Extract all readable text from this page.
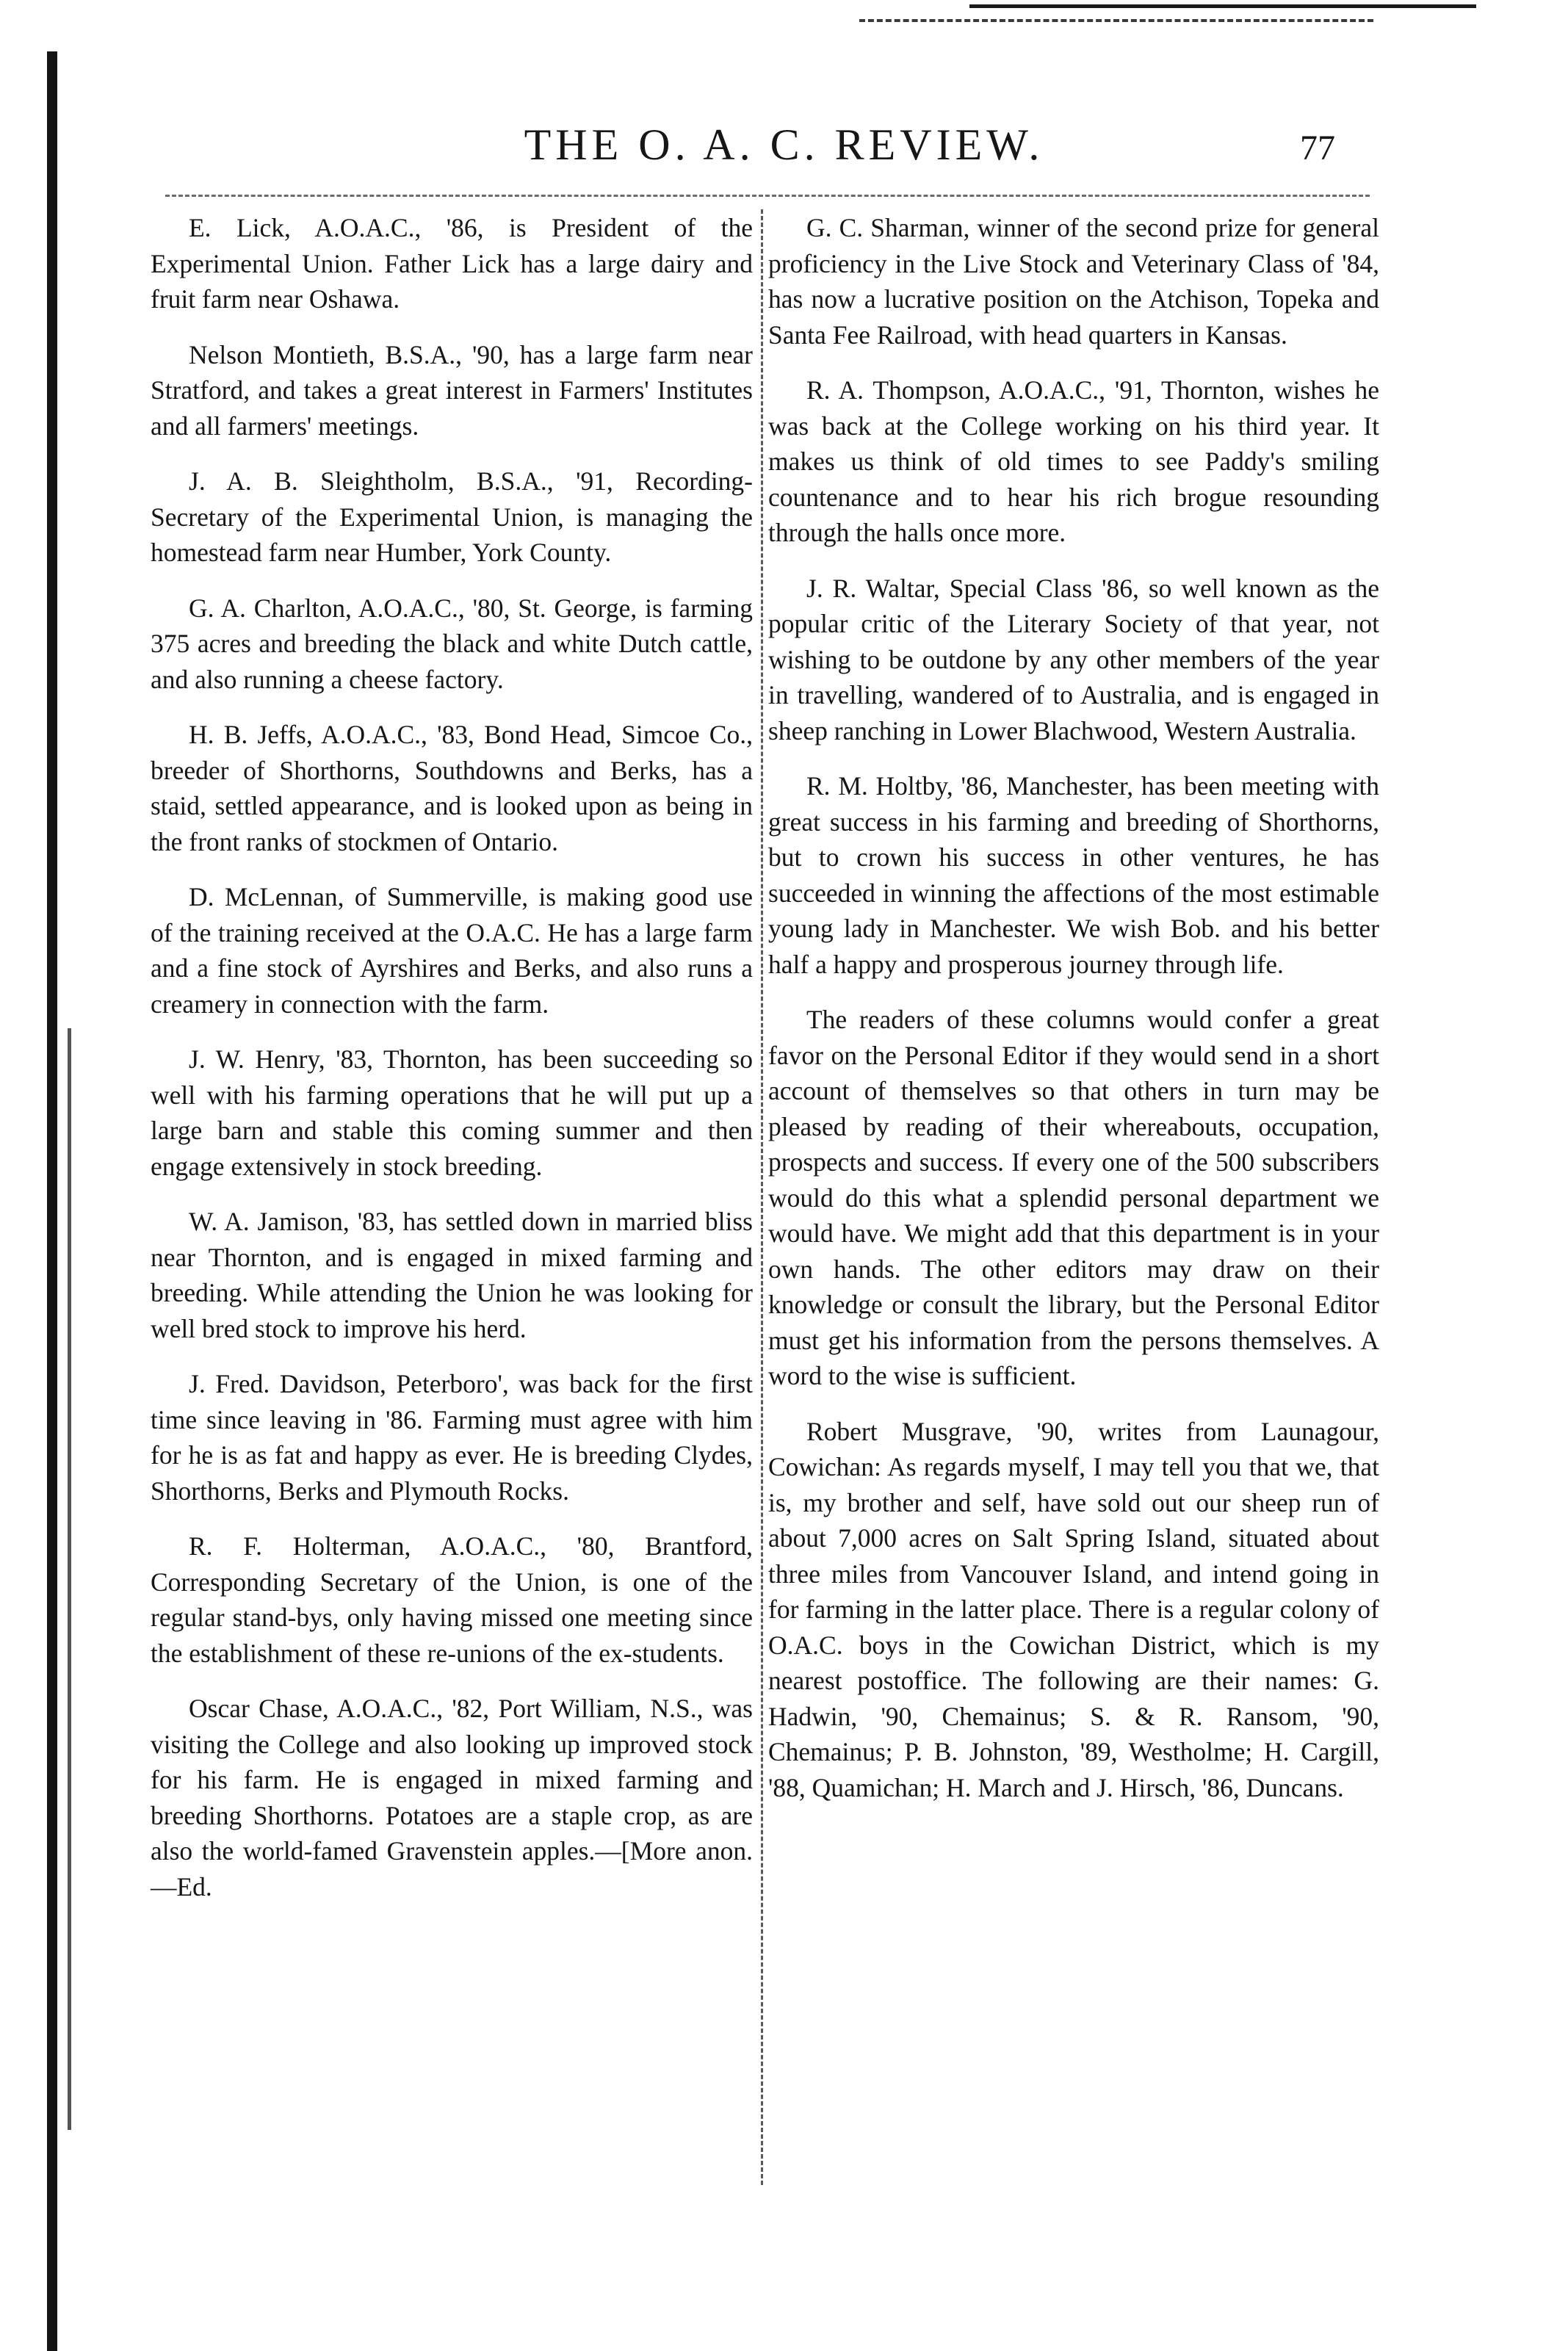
THE O. A. C. REVIEW.	77

E. Lick, A.O.A.C., '86, is President of the Experimental Union. Father Lick has a large dairy and fruit farm near Oshawa.

Nelson Montieth, B.S.A., '90, has a large farm near Stratford, and takes a great interest in Farmers' Institutes and all farmers' meetings.

J. A. B. Sleightholm, B.S.A., '91, Recording-Secretary of the Experimental Union, is managing the homestead farm near Humber, York County.

G. A. Charlton, A.O.A.C., '80, St. George, is farming 375 acres and breeding the black and white Dutch cattle, and also running a cheese factory.

H. B. Jeffs, A.O.A.C., '83, Bond Head, Simcoe Co., breeder of Shorthorns, Southdowns and Berks, has a staid, settled appearance, and is looked upon as being in the front ranks of stockmen of Ontario.

D. McLennan, of Summerville, is making good use of the training received at the O.A.C. He has a large farm and a fine stock of Ayrshires and Berks, and also runs a creamery in connection with the farm.

J. W. Henry, '83, Thornton, has been succeeding so well with his farming operations that he will put up a large barn and stable this coming summer and then engage extensively in stock breeding.

W. A. Jamison, '83, has settled down in married bliss near Thornton, and is engaged in mixed farming and breeding. While attending the Union he was looking for well bred stock to improve his herd.

J. Fred. Davidson, Peterboro', was back for the first time since leaving in '86. Farming must agree with him for he is as fat and happy as ever. He is breeding Clydes, Shorthorns, Berks and Plymouth Rocks.

R. F. Holterman, A.O.A.C., '80, Brantford, Corresponding Secretary of the Union, is one of the regular stand-bys, only having missed one meeting since the establishment of these re-unions of the ex-students.

Oscar Chase, A.O.A.C., '82, Port William, N.S., was visiting the College and also looking up improved stock for his farm. He is engaged in mixed farming and breeding Shorthorns. Potatoes are a staple crop, as are also the world-famed Gravenstein apples.—[More anon.—Ed.

G. C. Sharman, winner of the second prize for general proficiency in the Live Stock and Veterinary Class of '84, has now a lucrative position on the Atchison, Topeka and Santa Fee Railroad, with head quarters in Kansas.

R. A. Thompson, A.O.A.C., '91, Thornton, wishes he was back at the College working on his third year. It makes us think of old times to see Paddy's smiling countenance and to hear his rich brogue resounding through the halls once more.

J. R. Waltar, Special Class '86, so well known as the popular critic of the Literary Society of that year, not wishing to be outdone by any other members of the year in travelling, wandered of to Australia, and is engaged in sheep ranching in Lower Blachwood, Western Australia.

R. M. Holtby, '86, Manchester, has been meeting with great success in his farming and breeding of Shorthorns, but to crown his success in other ventures, he has succeeded in winning the affections of the most estimable young lady in Manchester. We wish Bob. and his better half a happy and prosperous journey through life.

The readers of these columns would confer a great favor on the Personal Editor if they would send in a short account of themselves so that others in turn may be pleased by reading of their whereabouts, occupation, prospects and success. If every one of the 500 subscribers would do this what a splendid personal department we would have. We might add that this department is in your own hands. The other editors may draw on their knowledge or consult the library, but the Personal Editor must get his information from the persons themselves. A word to the wise is sufficient.

Robert Musgrave, '90, writes from Launagour, Cowichan: As regards myself, I may tell you that we, that is, my brother and self, have sold out our sheep run of about 7,000 acres on Salt Spring Island, situated about three miles from Vancouver Island, and intend going in for farming in the latter place. There is a regular colony of O.A.C. boys in the Cowichan District, which is my nearest postoffice. The following are their names: G. Hadwin, '90, Chemainus; S. & R. Ransom, '90, Chemainus; P. B. Johnston, '89, Westholme; H. Cargill, '88, Quamichan; H. March and J. Hirsch, '86, Duncans.
